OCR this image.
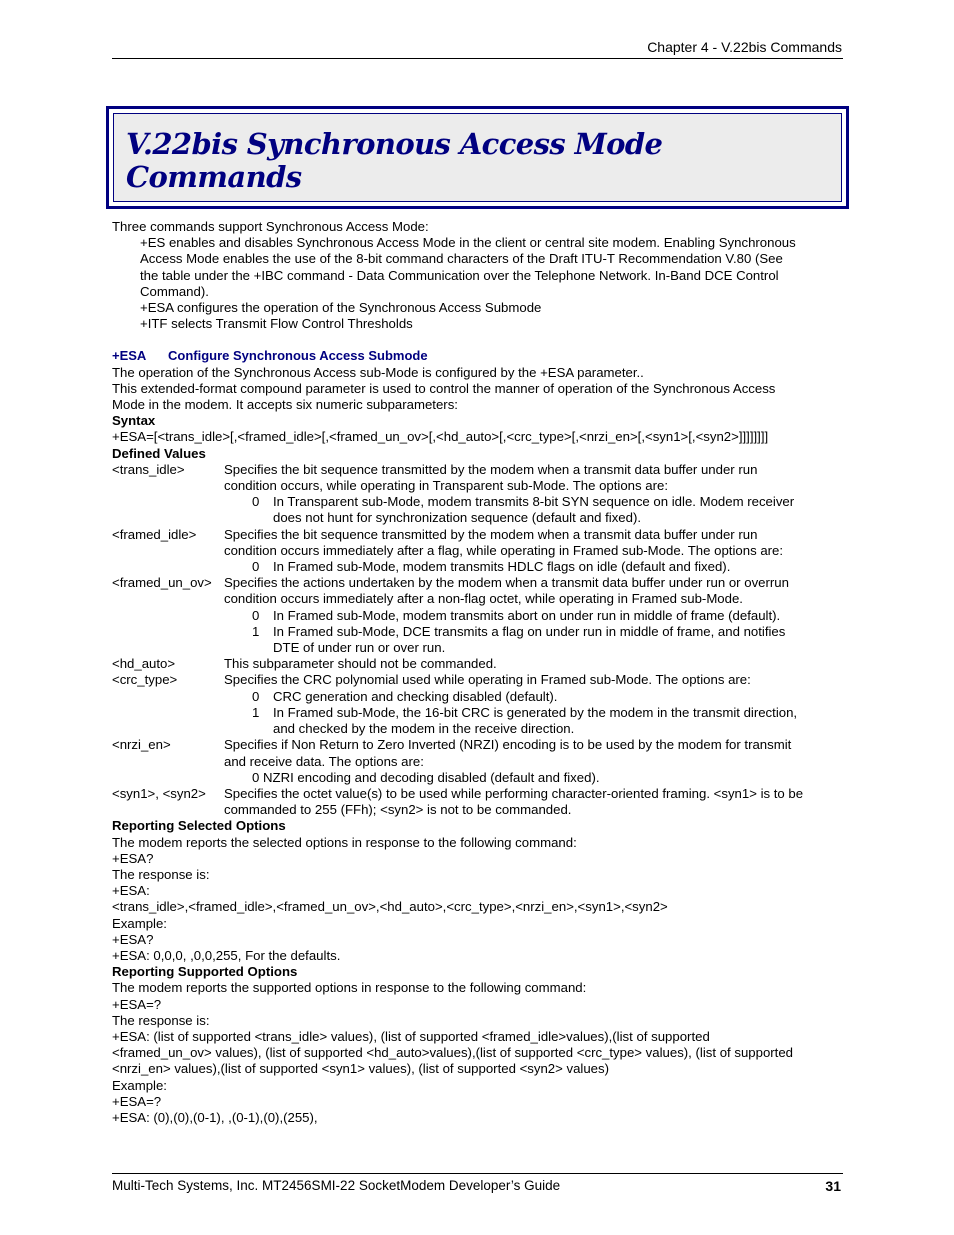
Chapter 4 - V.22bis Commands
V.22bis Synchronous Access Mode
Commands
Three commands support Synchronous Access Mode:
+ES enables and disables Synchronous Access Mode in the client or central site modem. Enabling Synchronous
Access Mode enables the use of the 8-bit command characters of the Draft ITU-T Recommendation V.80 (See
the table under the +IBC command - Data Communication over the Telephone Network. In-Band DCE Control
Command).
+ESA configures the operation of the Synchronous Access Submode
+ITF selects Transmit Flow Control Thresholds
+ESA Configure Synchronous Access Submode
The operation of the Synchronous Access sub-Mode is configured by the +ESA parameter..
This extended-format compound parameter is used to control the manner of operation of the Synchronous Access
Mode in the modem. It accepts six numeric subparameters:
Syntax
+ESA=[<trans_idle>[,<framed_idle>[,<framed_un_ov>[,<hd_auto>[,<crc_type>[,<nrzi_en>[,<syn1>[,<syn2>]]]]]]]]
Defined Values
<trans_idle>	Specifies the bit sequence transmitted by the modem when a transmit data buffer under run
condition occurs, while operating in Transparent sub-Mode. The options are:
0	In Transparent sub-Mode, modem transmits 8-bit SYN sequence on idle. Modem receiver
does not hunt for synchronization sequence (default and fixed).
<framed_idle> Specifies the bit sequence transmitted by the modem when a transmit data buffer under run
condition occurs immediately after a flag, while operating in Framed sub-Mode. The options are:
0	In Framed sub-Mode, modem transmits HDLC flags on idle (default and fixed).
<framed_un_ov> Specifies the actions undertaken by the modem when a transmit data buffer under run or overrun
condition occurs immediately after a non-flag octet, while operating in Framed sub-Mode.
0	In Framed sub-Mode, modem transmits abort on under run in middle of frame (default).
1	In Framed sub-Mode, DCE transmits a flag on under run in middle of frame, and notifies
DTE of under run or over run.
<hd_auto>	This subparameter should not be commanded.
<crc_type>	Specifies the CRC polynomial used while operating in Framed sub-Mode. The options are:
0	CRC generation and checking disabled (default).
1	In Framed sub-Mode, the 16-bit CRC is generated by the modem in the transmit direction,
and checked by the modem in the receive direction.
<nrzi_en>	Specifies if Non Return to Zero Inverted (NRZI) encoding is to be used by the modem for transmit
and receive data. The options are:
0 NZRI encoding and decoding disabled (default and fixed).
<syn1>, <syn2> Specifies the octet value(s) to be used while performing character-oriented framing. <syn1> is to be
commanded to 255 (FFh); <syn2> is not to be commanded.
Reporting Selected Options
The modem reports the selected options in response to the following command:
+ESA?
The response is:
+ESA:
<trans_idle>,<framed_idle>,<framed_un_ov>,<hd_auto>,<crc_type>,<nrzi_en>,<syn1>,<syn2>
Example:
+ESA?
+ESA: 0,0,0, ,0,0,255, For the defaults.
Reporting Supported Options
The modem reports the supported options in response to the following command:
+ESA=?
The response is:
+ESA: (list of supported <trans_idle> values), (list of supported <framed_idle>values),(list of supported
<framed_un_ov> values), (list of supported <hd_auto>values),(list of supported <crc_type> values), (list of supported
<nrzi_en> values),(list of supported <syn1> values), (list of supported <syn2> values)
Example:
+ESA=?
+ESA: (0),(0),(0-1), ,(0-1),(0),(255),
Multi-Tech Systems, Inc. MT2456SMI-22 SocketModem Developer’s Guide	31
